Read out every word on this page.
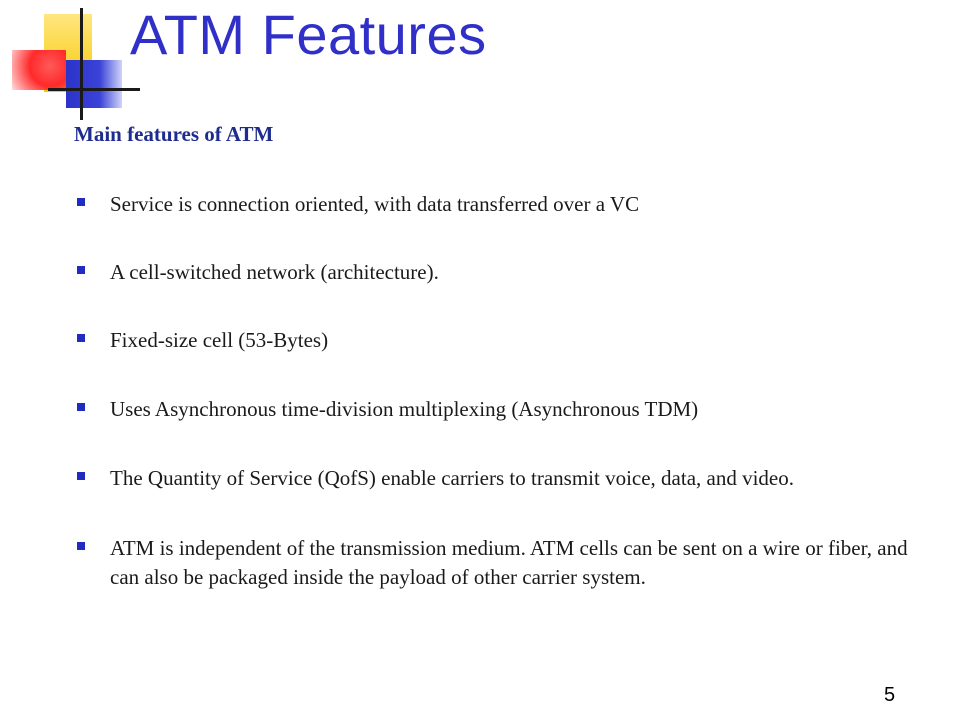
ATM Features
Main features of ATM
Service is connection oriented, with data transferred over a VC
A cell-switched network (architecture).
Fixed-size cell (53-Bytes)
Uses Asynchronous time-division multiplexing (Asynchronous TDM)
The Quantity of Service (QofS) enable carriers to transmit voice, data, and video.
ATM is independent of the transmission medium. ATM cells can be sent on a wire or fiber, and can also be packaged inside the payload of other carrier system.
5
